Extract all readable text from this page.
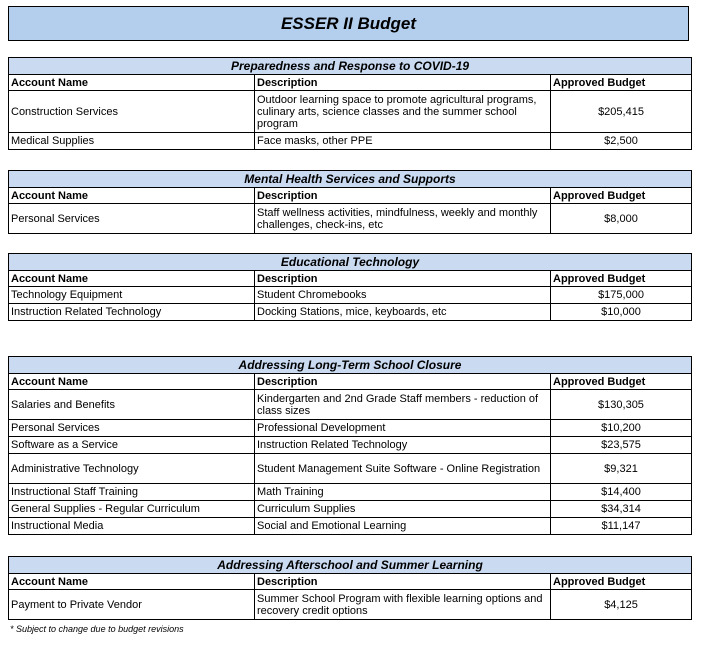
ESSER II Budget
Preparedness and Response to COVID-19		
Account Name	Description	Approved Budget
Construction Services	Outdoor learning space to promote agricultural programs, culinary arts, science classes and the summer school program	$205,415
Medical Supplies	Face masks, other PPE	$2,500
Mental Health Services and Supports		
Account Name	Description	Approved Budget
Personal Services	Staff wellness activities, mindfulness, weekly and monthly challenges, check-ins, etc	$8,000
Educational Technology		
Account Name	Description	Approved Budget
Technology Equipment	Student Chromebooks	$175,000
Instruction Related Technology	Docking Stations, mice, keyboards, etc	$10,000
Addressing Long-Term School Closure		
Account Name	Description	Approved Budget
Salaries and Benefits	Kindergarten and 2nd Grade Staff members - reduction of class sizes	$130,305
Personal Services	Professional Development	$10,200
Software as a Service	Instruction Related Technology	$23,575
Administrative Technology	Student Management Suite Software - Online Registration	$9,321
Instructional Staff Training	Math Training	$14,400
General Supplies - Regular Curriculum	Curriculum Supplies	$34,314
Instructional Media	Social and Emotional Learning	$11,147
Addressing Afterschool and Summer Learning		
Account Name	Description	Approved Budget
Payment to Private Vendor	Summer School Program with flexible learning options and recovery credit options	$4,125
* Subject to change due to budget revisions
